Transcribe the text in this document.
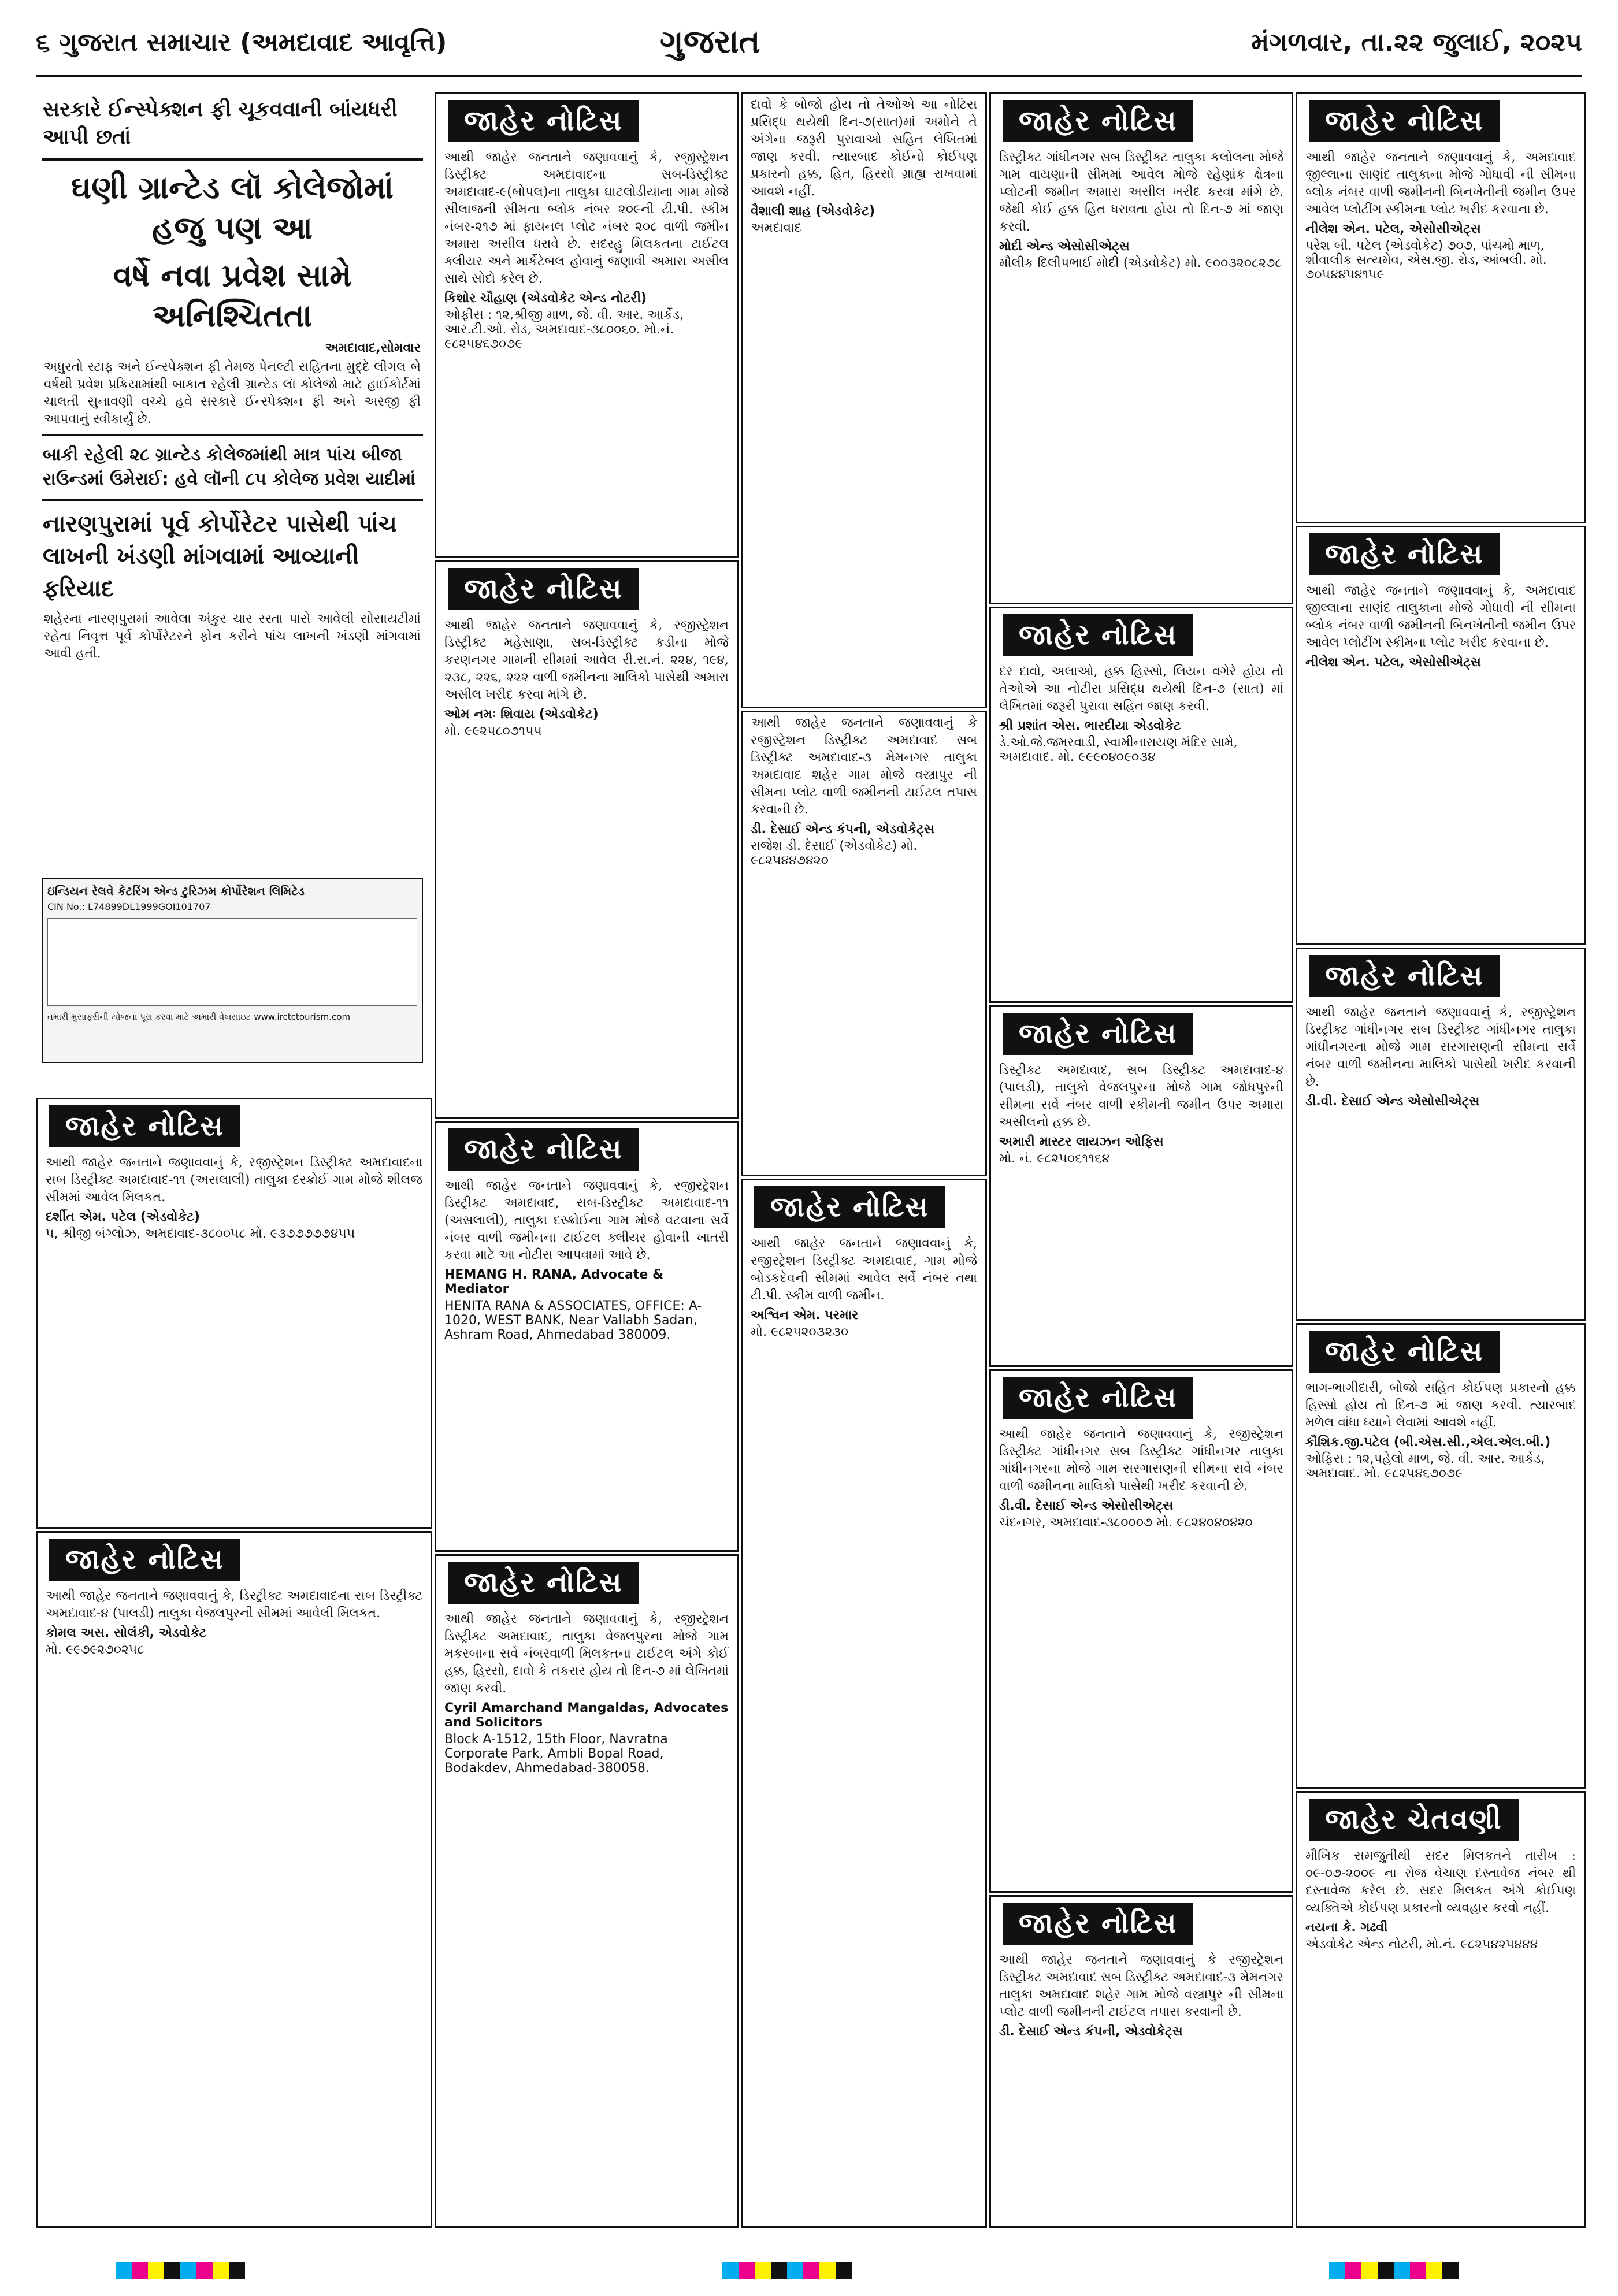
૬ ગુજરાત સમાચાર (અમદાવાદ આવૃત્તિ)	ગુજરાત	મંગળવાર, તા.૨૨ જુલાઈ, ૨૦૨૫
સરકારે ઈન્સ્પેક્શન ફી ચૂકવવાની બાંયધરી આપી છતાં
ઘણી ગ્રાન્ટેડ લૉ કોલેજોમાં હજુ પણ આ
વર્ષે નવા પ્રવેશ સામે અનિશ્ચિતતા
અમદાવાદ,સોમવાર
અધુરતો સ્ટાફ અને ઈન્સ્પેક્શન ફી તેમજ પેનલ્ટી સહિતના મુદ્દે લીગલ બે વર્ષથી પ્રવેશ પ્રક્રિયામાંથી બાકાત રહેલી ગ્રાન્ટેડ લૉ કોલેજો માટે હાઈકોર્ટમાં ચાલતી સુનાવણી વચ્ચે હવે સરકારે ઈન્સ્પેક્શન ફી અને અરજી ફી આપવાનું સ્વીકાર્યું છે.
બાકી રહેલી ૨૮ ગ્રાન્ટેડ કોલેજમાંથી માત્ર પાંચ બીજા રાઉન્ડમાં ઉમેરાઈ: હવે લૉની ૮૫ કોલેજ પ્રવેશ યાદીમાં
નારણપુરામાં પૂર્વ કોર્પોરેટર પાસેથી પાંચ લાખની ખંડણી માંગવામાં આવ્યાની ફરિયાદ
શહેરના નારણપુરામાં આવેલા અંકુર ચાર રસ્તા પાસે આવેલી સોસાયટીમાં રહેતા નિવૃત્ત પૂર્વ કોર્પોરેટરને ફોન કરીને પાંચ લાખની ખંડણી માંગવામાં આવી હતી.
ઇન્ડિયન રેલવે કેટરિંગ એન્ડ ટુરિઝમ કોર્પોરેશન લિમિટેડ
CIN No.: L74899DL1999GOI101707
તમારી મુસાફરીની યોજના પૂરા કરવા માટે અમારી વેબસાઇટ www.irctctourism.com
જાહેર નોટિસ
આથી જાહેર જનતાને જણાવવાનું કે, રજીસ્ટ્રેશન ડિસ્ટ્રીક્ટ અમદાવાદના સબ ડિસ્ટ્રીક્ટ અમદાવાદ-૧૧ (અસલાલી) તાલુકા દસ્ક્રોઈ ગામ મોજે શીલજ સીમમાં આવેલ મિલકત.
દર્શીત એમ. પટેલ (એડવોકેટ)
૫, શ્રીજી બંગ્લોઝ, અમદાવાદ-૩૮૦૦૫૮ મો. ૯૩૭૭૭૭૭૪૫૫
જાહેર નોટિસ
આથી જાહેર જનતાને જણાવવાનું કે, ડિસ્ટ્રીક્ટ અમદાવાદના સબ ડિસ્ટ્રીક્ટ અમદાવાદ-૪ (પાલડી) તાલુકા વેજલપુરની સીમમાં આવેલી મિલકત.
કોમલ અસ. સોલંકી, એડવોકેટ
મો. ૯૯૭૯૨૭૦૨૫૮
જાહેર નોટિસ
આથી જાહેર જનતાને જણાવવાનું કે, રજીસ્ટ્રેશન ડિસ્ટ્રીક્ટ અમદાવાદના સબ-ડિસ્ટ્રીક્ટ અમદાવાદ-૯(બોપલ)ના તાલુકા ઘાટલોડીયાના ગામ મોજે સીલાજની સીમના બ્લોક નંબર ૨૦૯ની ટી.પી. સ્કીમ નંબર-૨૧૭ માં ફાયનલ પ્લોટ નંબર ૨૦૮ વાળી જમીન અમારા અસીલ ધરાવે છે. સદરહુ મિલકતના ટાઈટલ ક્લીયર અને માર્કેટેબલ હોવાનું જણાવી અમારા અસીલ સાથે સોદો કરેલ છે.
કિશોર ચૌહાણ (એડવોકેટ એન્ડ નોટરી)
ઓફીસ : ૧૨,શ્રીજી માળ, જે. વી. આર. આર્કેડ, આર.ટી.ઓ. રોડ, અમદાવાદ-૩૮૦૦૬૦. મો.નં. ૯૮૨૫૪૬૭૦૭૯
જાહેર નોટિસ
આથી જાહેર જનતાને જણાવવાનું કે, રજીસ્ટ્રેશન ડિસ્ટ્રીક્ટ મહેસાણા, સબ-ડિસ્ટ્રીક્ટ કડીના મોજે કરણનગર ગામની સીમમાં આવેલ રી.સ.નં. ૨૨૪, ૧૯૪, ૨૩૮, ૨૨૬, ૨૨૨ વાળી જમીનના માલિકો પાસેથી અમારા અસીલ ખરીદ કરવા માંગે છે.
ઓમ નમઃ શિવાય (એડવોકેટ)
મો. ૯૯૨૫૮૦૭૧૫૫
જાહેર નોટિસ
આથી જાહેર જનતાને જણાવવાનું કે, રજીસ્ટ્રેશન ડિસ્ટ્રીક્ટ અમદાવાદ, સબ-ડિસ્ટ્રીક્ટ અમદાવાદ-૧૧ (અસલાલી), તાલુકા દસ્ક્રોઈના ગામ મોજે વટવાના સર્વે નંબર વાળી જમીનના ટાઈટલ ક્લીયર હોવાની ખાતરી કરવા માટે આ નોટીસ આપવામાં આવે છે.
HEMANG H. RANA, Advocate & Mediator
HENITA RANA & ASSOCIATES, OFFICE: A-1020, WEST BANK, Near Vallabh Sadan, Ashram Road, Ahmedabad 380009.
જાહેર નોટિસ
આથી જાહેર જનતાને જણાવવાનું કે, રજીસ્ટ્રેશન ડિસ્ટ્રીક્ટ અમદાવાદ, તાલુકા વેજલપુરના મોજે ગામ મકરબાના સર્વે નંબરવાળી મિલકતના ટાઈટલ અંગે કોઈ હક્ક, હિસ્સો, દાવો કે તકરાર હોય તો દિન-૭ માં લેખિતમાં જાણ કરવી.
Cyril Amarchand Mangaldas, Advocates and Solicitors
Block A-1512, 15th Floor, Navratna Corporate Park, Ambli Bopal Road, Bodakdev, Ahmedabad-380058.
દાવો કે બોજો હોય તો તેઓએ આ નોટિસ પ્રસિદ્ધ થયેથી દિન-૭(સાત)માં અમોને તે અંગેના જરૂરી પુરાવાઓ સહિત લેખિતમાં જાણ કરવી. ત્યારબાદ કોઈનો કોઈપણ પ્રકારનો હક્ક, હિત, હિસ્સો ગ્રાહ્ય રાખવામાં આવશે નહીં.
વૈશાલી શાહ (એડવોકેટ)
અમદાવાદ
આથી જાહેર જનતાને જણાવવાનું કે રજીસ્ટ્રેશન ડિસ્ટ્રીક્ટ અમદાવાદ સબ ડિસ્ટ્રીક્ટ અમદાવાદ-૩ મેમનગર તાલુકા અમદાવાદ શહેર ગામ મોજે વસ્ત્રાપુર ની સીમના પ્લોટ વાળી જમીનની ટાઈટલ તપાસ કરવાની છે.
ડી. દેસાઈ એન્ડ કંપની, એડવોકેટ્સ
રાજેશ ડી. દેસાઈ (એડવોકેટ) મો. ૯૮૨૫૪૪૭૪૨૦
જાહેર નોટિસ
આથી જાહેર જનતાને જણાવવાનું કે, રજીસ્ટ્રેશન ડિસ્ટ્રીક્ટ અમદાવાદ, ગામ મોજે બોડકદેવની સીમમાં આવેલ સર્વે નંબર તથા ટી.પી. સ્કીમ વાળી જમીન.
અશ્વિન એમ. પરમાર
મો. ૯૮૨૫૨૦૩૨૩૦
જાહેર નોટિસ
ડિસ્ટ્રીક્ટ ગાંધીનગર સબ ડિસ્ટ્રીક્ટ તાલુકા કલોલના મોજે ગામ વાયણાની સીમમાં આવેલ મોજે રહેણાંક ક્ષેત્રના પ્લોટની જમીન અમારા અસીલ ખરીદ કરવા માંગે છે. જેથી કોઈ હક્ક હિત ધરાવતા હોય તો દિન-૭ માં જાણ કરવી.
મોદી એન્ડ એસોસીએટ્સ
મૌલીક દિલીપભાઈ મોદી (એડવોકેટ) મો. ૯૦૦૩૨૦૮૨૭૮
જાહેર નોટિસ
દર દાવો, અલાઓ, હક્ક હિસ્સો, લિયન વગેરે હોય તો તેઓએ આ નોટીસ પ્રસિદ્ધ થયેથી દિન-૭ (સાત) માં લેખિતમાં જરૂરી પુરાવા સહિત જાણ કરવી.
શ્રી પ્રશાંત એસ. ભારદીયા એડવોકેટ
ડે.ઓ.જે.જમરવાડી, સ્વામીનારાયણ મંદિર સામે, અમદાવાદ. મો. ૯૯૯૦૪૦૯૦૩૪
જાહેર નોટિસ
ડિસ્ટ્રીક્ટ અમદાવાદ, સબ ડિસ્ટ્રીક્ટ અમદાવાદ-૪ (પાલડી), તાલુકો વેજલપુરના મોજે ગામ જોધપુરની સીમના સર્વે નંબર વાળી સ્કીમની જમીન ઉપર અમારા અસીલનો હક્ક છે.
અમારી માસ્ટર લાયઝન ઓફિસ
મો. નં. ૯૮૨૫૦૬૧૧૬૪
જાહેર નોટિસ
આથી જાહેર જનતાને જણાવવાનું કે, રજીસ્ટ્રેશન ડિસ્ટ્રીક્ટ ગાંધીનગર સબ ડિસ્ટ્રીક્ટ ગાંધીનગર તાલુકા ગાંધીનગરના મોજે ગામ સરગાસણની સીમના સર્વે નંબર વાળી જમીનના માલિકો પાસેથી ખરીદ કરવાની છે.
ડી.વી. દેસાઈ એન્ડ એસોસીએટ્સ
ચંદનગર, અમદાવાદ-૩૮૦૦૦૭ મો. ૯૮૨૪૦૪૦૪૨૦
જાહેર નોટિસ
આથી જાહેર જનતાને જણાવવાનું કે રજીસ્ટ્રેશન ડિસ્ટ્રીક્ટ અમદાવાદ સબ ડિસ્ટ્રીક્ટ અમદાવાદ-૩ મેમનગર તાલુકા અમદાવાદ શહેર ગામ મોજે વસ્ત્રાપુર ની સીમના પ્લોટ વાળી જમીનની ટાઈટલ તપાસ કરવાની છે.
ડી. દેસાઈ એન્ડ કંપની, એડવોકેટ્સ
જાહેર નોટિસ
આથી જાહેર જનતાને જણાવવાનું કે, અમદાવાદ જીલ્લાના સાણંદ તાલુકાના મોજે ગોધાવી ની સીમના બ્લોક નંબર વાળી જમીનની બિનખેતીની જમીન ઉપર આવેલ પ્લોટીંગ સ્કીમના પ્લોટ ખરીદ કરવાના છે.
નીલેશ એન. પટેલ, એસોસીએટ્સ
પરેશ બી. પટેલ (એડવોકેટ) ૭૦૭, પાંચમો માળ, શીવાલીક સત્યમેવ, એસ.જી. રોડ, આંબલી. મો. ૭૦૫૪૪૫૪૧૫૯
જાહેર નોટિસ
આથી જાહેર જનતાને જણાવવાનું કે, અમદાવાદ જીલ્લાના સાણંદ તાલુકાના મોજે ગોધાવી ની સીમના બ્લોક નંબર વાળી જમીનની બિનખેતીની જમીન ઉપર આવેલ પ્લોટીંગ સ્કીમના પ્લોટ ખરીદ કરવાના છે.
નીલેશ એન. પટેલ, એસોસીએટ્સ
જાહેર નોટિસ
આથી જાહેર જનતાને જણાવવાનું કે, રજીસ્ટ્રેશન ડિસ્ટ્રીક્ટ ગાંધીનગર સબ ડિસ્ટ્રીક્ટ ગાંધીનગર તાલુકા ગાંધીનગરના મોજે ગામ સરગાસણની સીમના સર્વે નંબર વાળી જમીનના માલિકો પાસેથી ખરીદ કરવાની છે.
ડી.વી. દેસાઈ એન્ડ એસોસીએટ્સ
જાહેર નોટિસ
ભાગ-ભાગીદારી, બોજો સહિત કોઈપણ પ્રકારનો હક્ક હિસ્સો હોય તો દિન-૭ માં જાણ કરવી. ત્યારબાદ મળેલ વાંધા ધ્યાને લેવામાં આવશે નહીં.
કૌશિક.જી.પટેલ (બી.એસ.સી.,એલ.એલ.બી.)
ઓફિસ : ૧૨,પહેલો માળ, જે. વી. આર. આર્કેડ, અમદાવાદ. મો. ૯૮૨૫૪૬૭૦૭૯
જાહેર ચેતવણી
મૌખિક સમજુતીથી સદર મિલકતને તારીખ : ૦૯-૦૭-૨૦૦૯ ના રોજ વેચાણ દસ્તાવેજ નંબર થી દસ્તાવેજ કરેલ છે. સદર મિલકત અંગે કોઈપણ વ્યક્તિએ કોઈપણ પ્રકારનો વ્યવહાર કરવો નહીં.
નયના કે. ગઢવી
એડવોકેટ એન્ડ નોટરી, મો.નં. ૯૮૨૫૪૨૫૪૪૪
